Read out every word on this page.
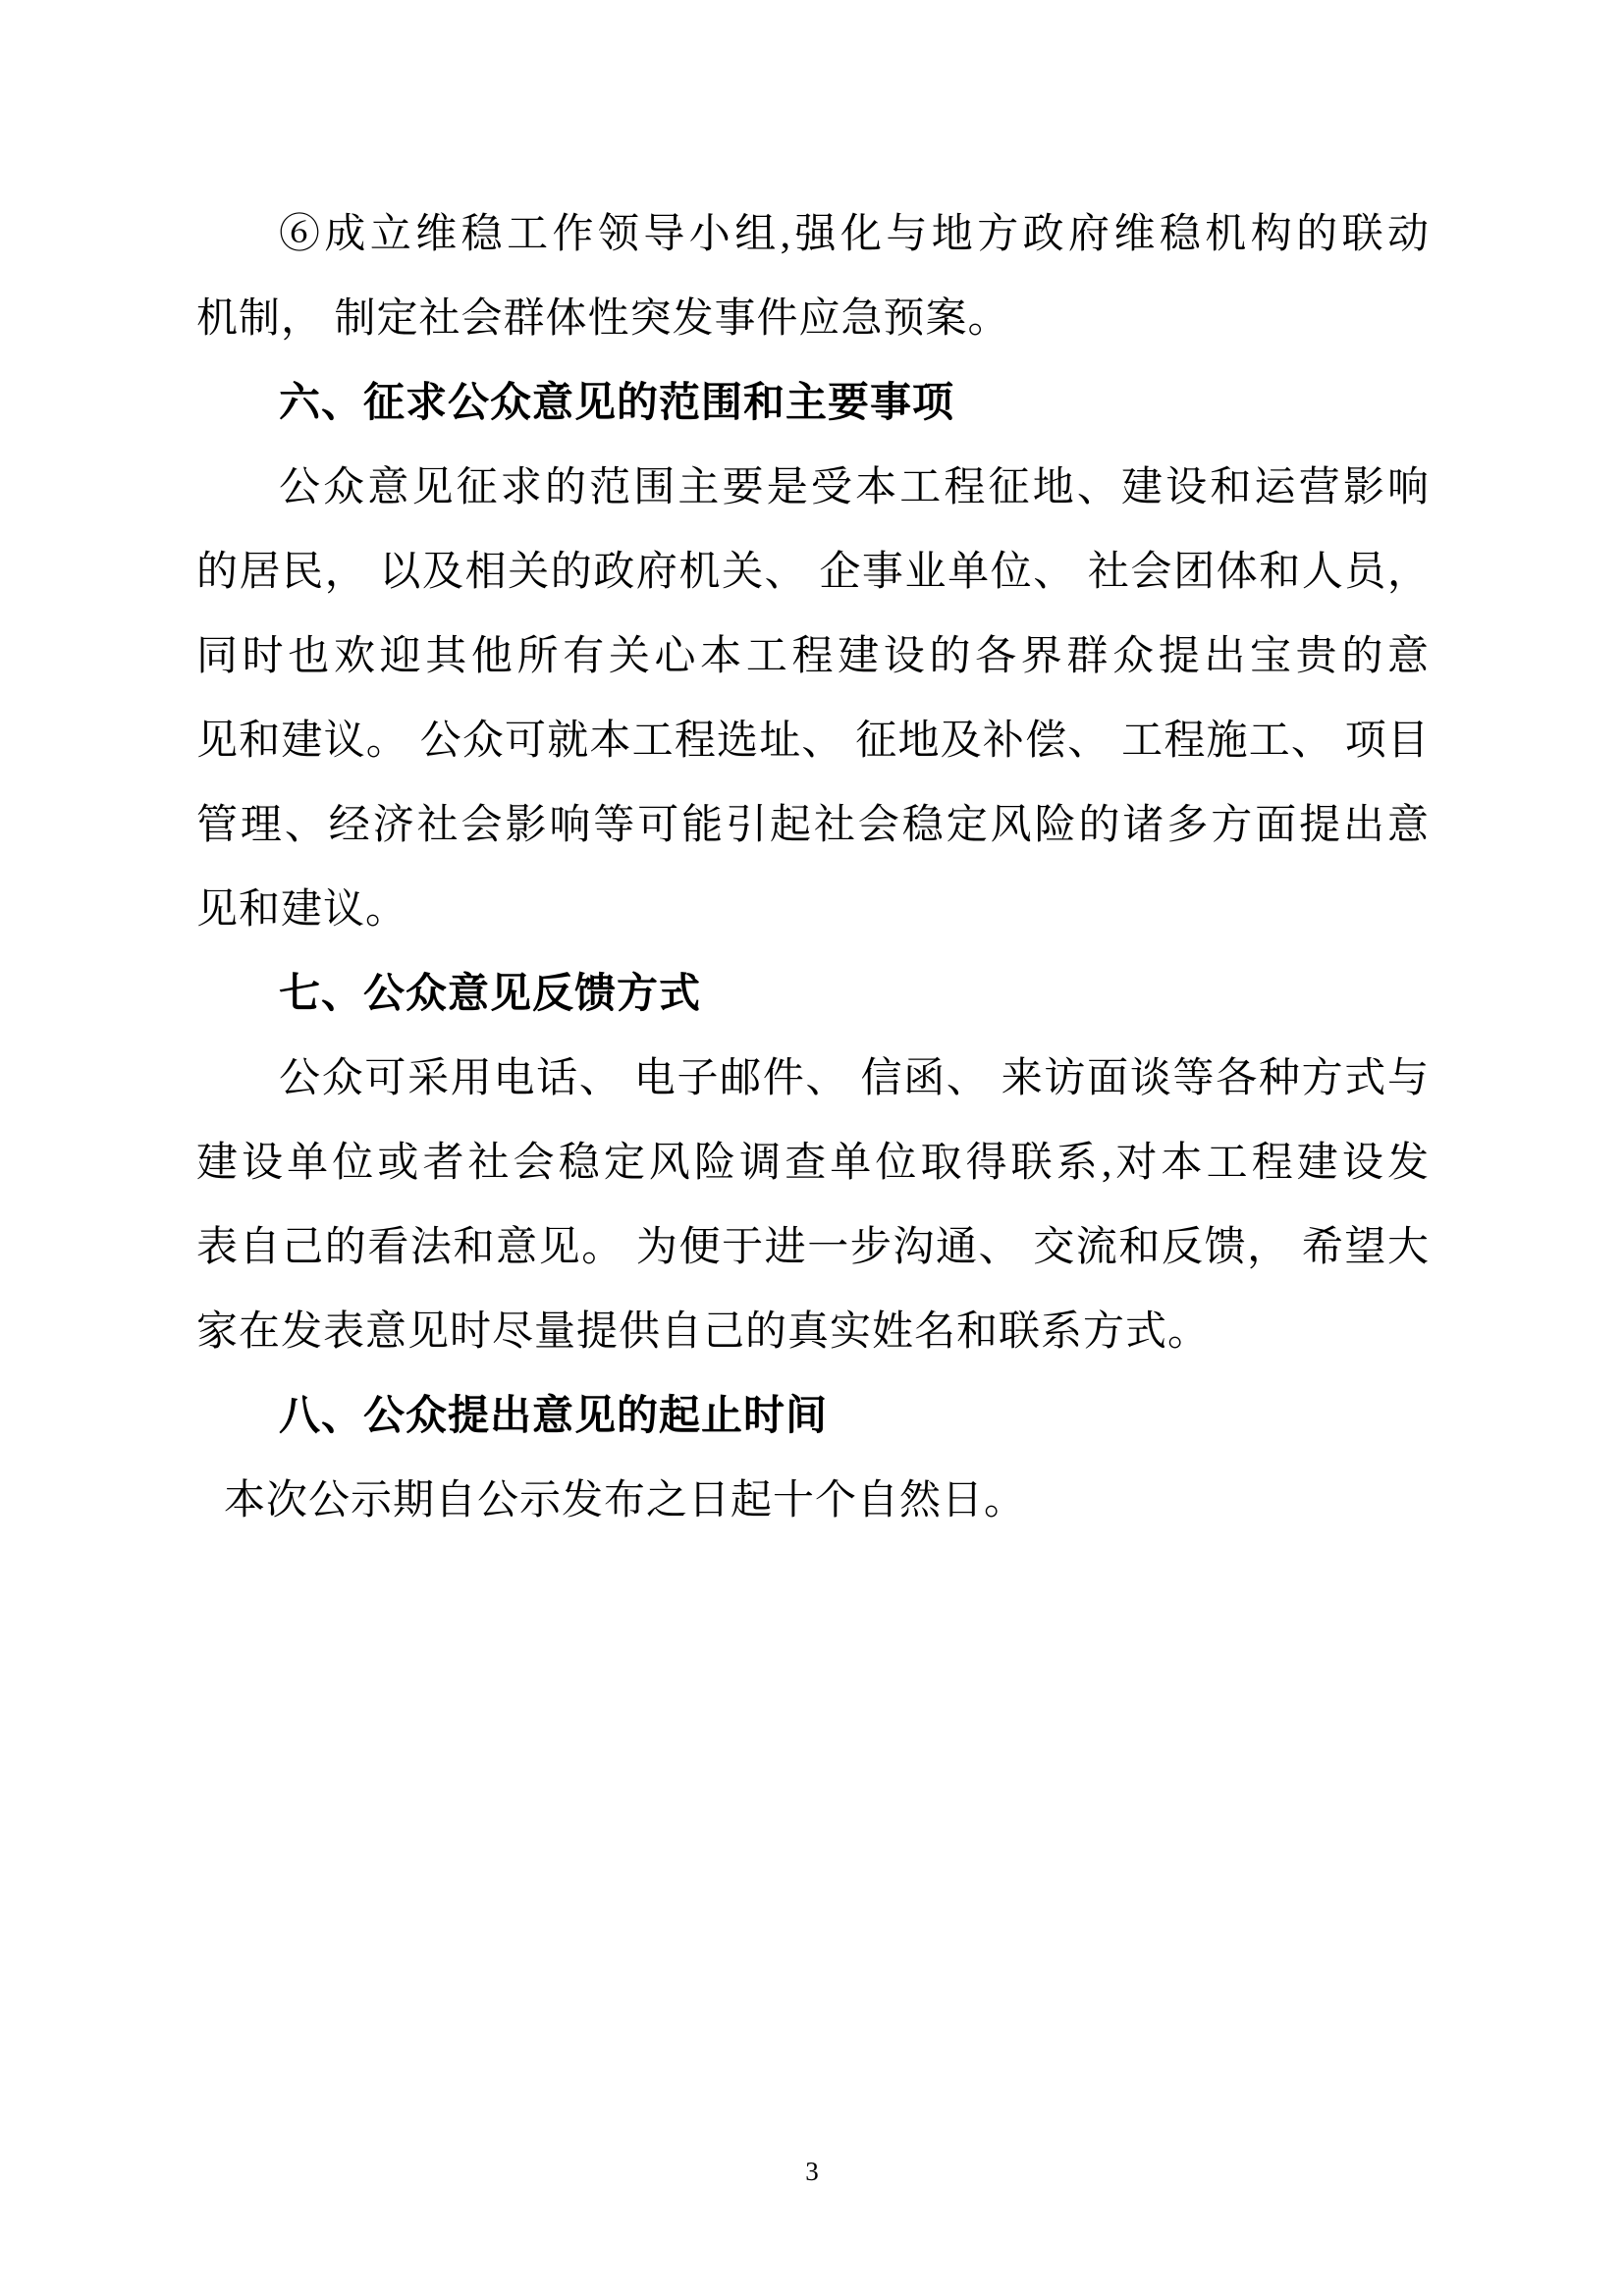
⑥成立维稳工作领导小组,强化与地方政府维稳机构的联动
机制， 制定社会群体性突发事件应急预案。
六、征求公众意见的范围和主要事项
公众意见征求的范围主要是受本工程征地、建设和运营影响
的居民， 以及相关的政府机关、 企事业单位、 社会团体和人员，
同时也欢迎其他所有关心本工程建设的各界群众提出宝贵的意
见和建议。 公众可就本工程选址、 征地及补偿、 工程施工、 项目
管理、经济社会影响等可能引起社会稳定风险的诸多方面提出意
见和建议。
七、公众意见反馈方式
公众可采用电话、 电子邮件、 信函、 来访面谈等各种方式与
建设单位或者社会稳定风险调查单位取得联系,对本工程建设发
表自己的看法和意见。 为便于进一步沟通、 交流和反馈， 希望大
家在发表意见时尽量提供自己的真实姓名和联系方式。
八、公众提出意见的起止时间
本次公示期自公示发布之日起十个自然日。
3
